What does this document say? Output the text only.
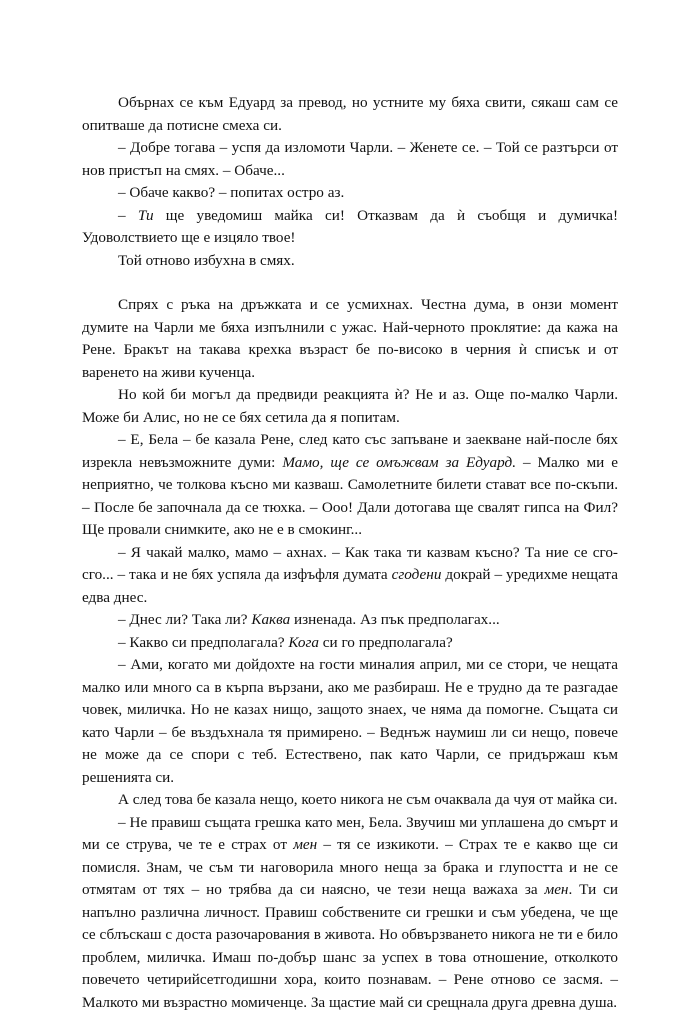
Обърнах се към Едуард за превод, но устните му бяха свити, сякаш сам се опитваше да потисне смеха си.

– Добре тогава – успя да изломоти Чарли. – Женете се. – Той се разтърси от нов пристъп на смях. – Обаче...

– Обаче какво? – попитах остро аз.

– Ти ще уведомиш майка си! Отказвам да ѝ съобщя и думичка! Удоволствието ще е изцяло твое!

Той отново избухна в смях.

Спрях с ръка на дръжката и се усмихнах. Честна дума, в онзи момент думите на Чарли ме бяха изпълнили с ужас. Най-черното проклятие: да кажа на Рене. Бракът на такава крехка възраст бе по-високо в черния ѝ списък и от варенето на живи кученца.

Но кой би могъл да предвиди реакцията ѝ? Не и аз. Още по-малко Чарли. Може би Алис, но не се бях сетила да я попитам.

– Е, Бела – бе казала Рене, след като със запъване и заекване най-после бях изрекла невъзможните думи: Мамо, ще се омъжвам за Едуард. – Малко ми е неприятно, че толкова късно ми казваш. Самолетните билети стават все по-скъпи. – После бе започнала да се тюхка. – Ооо! Дали дотогава ще свалят гипса на Фил? Ще провали снимките, ако не е в смокинг...

– Я чакай малко, мамо – ахнах. – Как така ти казвам късно? Та ние се сго-сго... – така и не бях успяла да изфъфля думата сгодени докрай – уредихме нещата едва днес.

– Днес ли? Така ли? Каква изненада. Аз пък предполагах...

– Какво си предполагала? Кога си го предполагала?

– Ами, когато ми дойдохте на гости миналия април, ми се стори, че нещата малко или много са в кърпа вързани, ако ме разбираш. Не е трудно да те разгадае човек, миличка. Но не казах нищо, защото знаех, че няма да помогне. Същата си като Чарли – бе въздъхнала тя примирено. – Веднъж наумиш ли си нещо, повече не може да се спори с теб. Естествено, пак като Чарли, се придържаш към решенията си.

А след това бе казала нещо, което никога не съм очаквала да чуя от майка си.

– Не правиш същата грешка като мен, Бела. Звучиш ми уплашена до смърт и ми се струва, че те е страх от мен – тя се изкикоти. – Страх те е какво ще си помисля. Знам, че съм ти наговорила много неща за брака и глупостта и не се отмятам от тях – но трябва да си наясно, че тези неща важаха за мен. Ти си напълно различна личност. Правиш собствените си грешки и съм убедена, че ще се сблъскаш с доста разочарования в живота. Но обвързването никога не ти е било проблем, миличка. Имаш по-добър шанс за успех в това отношение, отколкото повечето четирийсетгодишни хора, които познавам. – Рене отново се засмя. – Малкото ми възрастно момиченце. За щастие май си срещнала друга древна душа.
